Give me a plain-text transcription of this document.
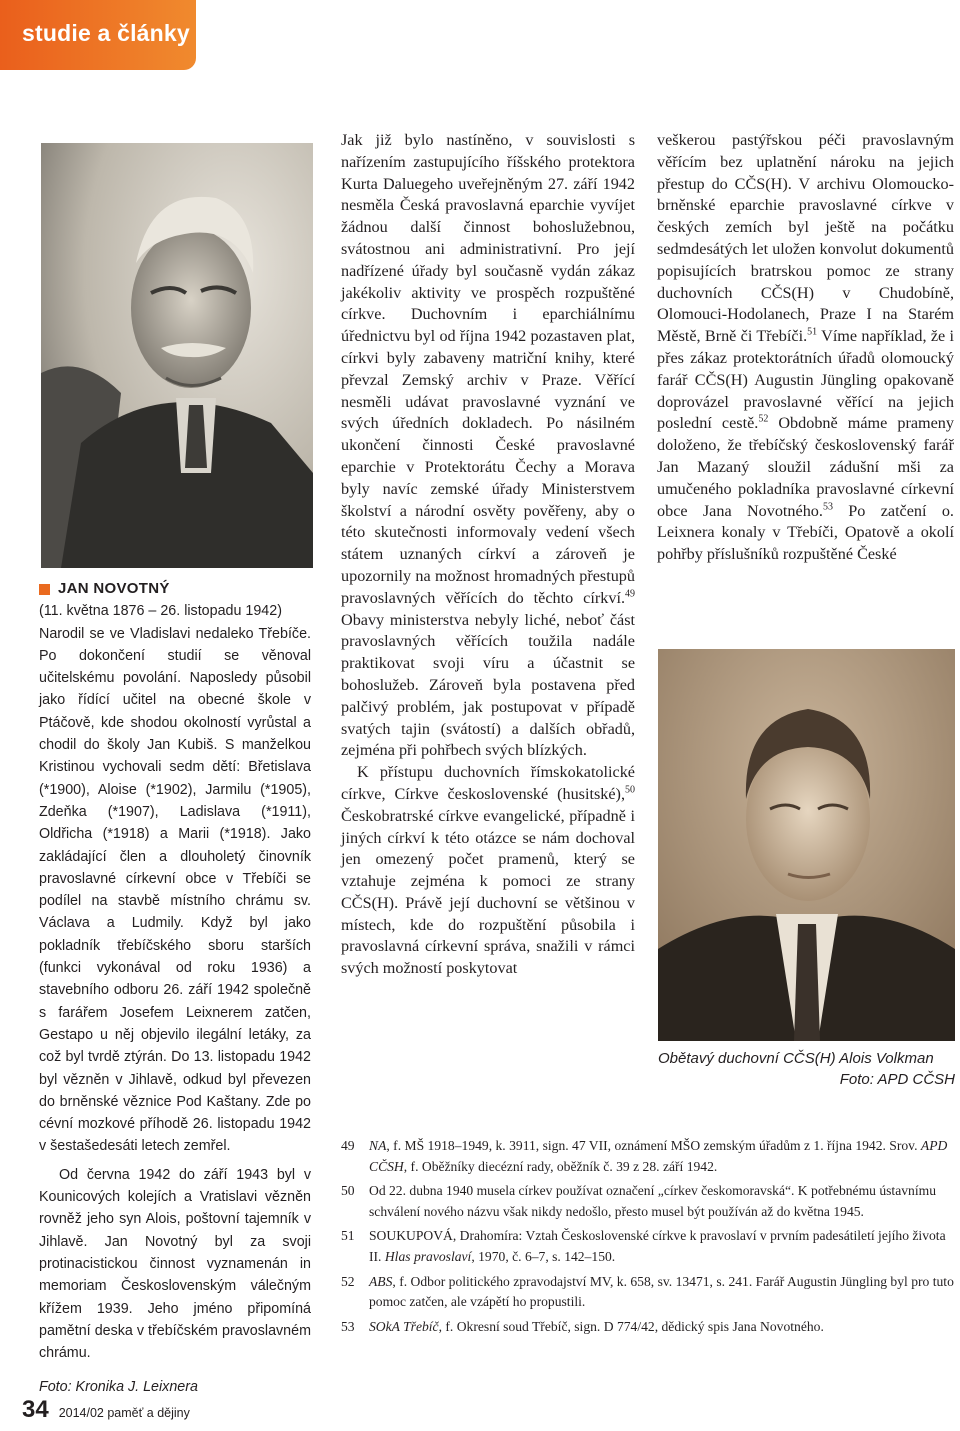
studie a články
JAN NOVOTNÝ

(11. května 1876 – 26. listopadu 1942)

Narodil se ve Vladislavi nedaleko Třebíče. Po dokončení studií se věnoval učitelskému povolání. Naposledy působil jako řídící učitel na obecné škole v Ptáčově, kde shodou okolností vyrůstal a chodil do školy Jan Kubiš. S manželkou Kristinou vychovali sedm dětí: Břetislava (*1900), Aloise (*1902), Jarmilu (*1905), Zdeňka (*1907), Ladislava (*1911), Oldřicha (*1918) a Marii (*1918). Jako zakládající člen a dlouholetý činovník pravoslavné církevní obce v Třebíči se podílel na stavbě místního chrámu sv. Václava a Ludmily. Když byl jako pokladník třebíčského sboru starších (funkci vykonával od roku 1936) a stavebního odboru 26. září 1942 společně s farářem Josefem Leixnerem zatčen, Gestapo u něj objevilo ilegální letáky, za což byl tvrdě ztýrán. Do 13. listopadu 1942 byl vězněn v Jihlavě, odkud byl převezen do brněnské věznice Pod Kaštany. Zde po cévní mozkové příhodě 26. listopadu 1942 v šestašedesáti letech zemřel.

Od června 1942 do září 1943 byl v Kounicových kolejích a Vratislavi vězněn rovněž jeho syn Alois, poštovní tajemník v Jihlavě. Jan Novotný byl za svoji protinacistickou činnost vyznamenán in memoriam Československým válečným křížem 1939. Jeho jméno připomíná pamětní deska v třebíčském pravoslavném chrámu.

Foto: Kronika J. Leixnera

Jak již bylo nastíněno, v souvislosti s nařízením zastupujícího říšského protektora Kurta Daluegeho uveřejněným 27. září 1942 nesměla Česká pravoslavná eparchie vyvíjet žádnou další činnost bohoslužebnou, svátostnou ani administrativní. Pro její nadřízené úřady byl současně vydán zákaz jakékoliv aktivity ve prospěch rozpuštěné církve. Duchovním i eparchiálnímu úřednictvu byl od října 1942 pozastaven plat, církvi byly zabaveny matriční knihy, které převzal Zemský archiv v Praze. Věřící nesměli udávat pravoslavné vyznání ve svých úředních dokladech. Po násilném ukončení činnosti České pravoslavné eparchie v Protektorátu Čechy a Morava byly navíc zemské úřady Ministerstvem školství a národní osvěty pověřeny, aby o této skutečnosti informovaly vedení všech státem uznaných církví a zároveň je upozornily na možnost hromadných přestupů pravoslavných věřících do těchto církví.$^{49}$ Obavy ministerstva nebyly liché, neboť část pravoslavných věřících toužila nadále praktikovat svoji víru a účastnit se bohoslužeb. Zároveň byla postavena před palčivý problém, jak postupovat v případě svatých tajin (svátostí) a dalších obřadů, zejména při pohřbech svých blízkých.

K přístupu duchovních římskokatolické církve, Církve československé (husitské),$^{50}$ Českobratrské církve evangelické, případně i jiných církví k této otázce se nám dochoval jen omezený počet pramenů, který se vztahuje zejména k pomoci ze strany CČS(H). Právě její duchovní se většinou v místech, kde do rozpuštění působila i pravoslavná církevní správa, snažili v rámci svých možností poskytovat

veškerou pastýřskou péči pravoslavným věřícím bez uplatnění nároku na jejich přestup do CČS(H). V archivu Olomoucko-brněnské eparchie pravoslavné církve v českých zemích byl ještě na počátku sedmdesátých let uložen konvolut dokumentů popisujících bratrskou pomoc ze strany duchovních CČS(H) v Chudobíně, Olomouci-Hodolanech, Praze I na Starém Městě, Brně či Třebíči.$^{51}$ Víme například, že i přes zákaz protektorátních úřadů olomoucký farář CČS(H) Augustin Jüngling opakovaně doprovázel pravoslavné věřící na jejich poslední cestě.$^{52}$ Obdobně máme prameny doloženo, že třebíčský československý farář Jan Mazaný sloužil zádušní mši za umučeného pokladníka pravoslavné církevní obce Jana Novotného.$^{53}$ Po zatčení o. Leixnera konaly v Třebíči, Opatově a okolí pohřby příslušníků rozpuštěné České

Obětavý duchovní CČS(H) Alois Volkman
Foto: APD CČSH
49 NA, f. MŠ 1918–1949, k. 3911, sign. 47 VII, oznámení MŠO zemským úřadům z 1. října 1942. Srov. APD CČSH, f. Oběžníky diecézní rady, oběžník č. 39 z 28. září 1942.
50 Od 22. dubna 1940 musela církev používat označení „církev českomoravská“. K potřebnému ústavnímu schválení nového názvu však nikdy nedošlo, přesto musel být používán až do května 1945.
51 SOUKUPOVÁ, Drahomíra: Vztah Československé církve k pravoslaví v prvním padesátiletí jejího života II. Hlas pravoslaví, 1970, č. 6–7, s. 142–150.
52 ABS, f. Odbor politického zpravodajství MV, k. 658, sv. 13471, s. 241. Farář Augustin Jüngling byl pro tuto pomoc zatčen, ale vzápětí ho propustili.
53 SOkA Třebíč, f. Okresní soud Třebíč, sign. D 774/42, dědický spis Jana Novotného.
34 2014/02 paměť a dějiny
